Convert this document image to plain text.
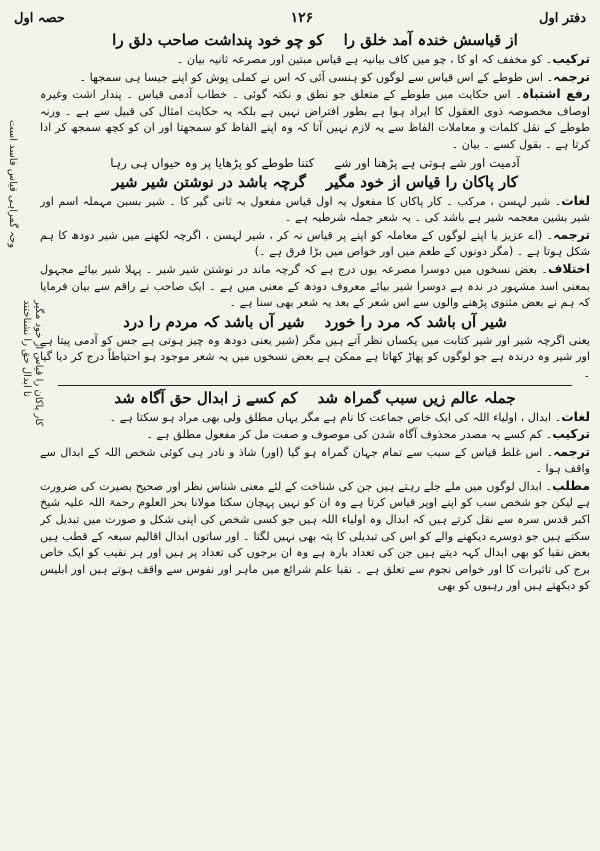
دفتر اول
۱۲۶
حصہ اول
از قیاسش خندہ آمد خلق راکو چو خود پنداشت صاحب دلق را
ترکیب۔ کو مخفف کہ او کا ، چو میں کاف بیانیہ ہے قیاس مبتین اور مصرعہ ثانیہ بیان ۔
ترجمہ۔ اس طوطے کے اس قیاس سے لوگوں کو ہنسی آئی کہ اس نے کملی پوش کو اپنے جیسا ہی سمجھا ۔
رفع اشتباہ۔ اس حکایت میں طوطے کے متعلق جو نطق و نکتہ گوئی ۔ خطاب آدمی قیاس ۔ پندار اشت وغیرہ اوصاف مخصوصہ ذوی العقول کا ایراد ہوا ہے بطور افتراض نہیں ہے بلکہ یہ حکایت امثال کی قبیل سے ہے ۔ ورنہ طوطے کے نقل کلمات و معاملات الفاظ سے یہ لازم نہیں آتا کہ وہ اپنے الفاظ کو سمجھتا اور ان کو کچھ سمجھ کر ادا کرتا ہے ۔ بقول کسے ۔ بیان ۔
آدمیت اور شے ہوتی ہے پڑھنا اور شےکتنا طوطے کو پڑھایا پر وہ حیواں ہی رہا
کار پاکان را قیاس از خود مگیرگرچہ باشد در نوشتن شیر شیر
لغات۔ شیر لہسن ، مرکب ۔ کار پاکاں کا مفعول یہ اول قیاس مفعول بہ ثانی گیر کا ۔ شیر بسبن مہملہ اسم اور شیر بشین معجمہ شیر ہے باشد کی ۔ یہ شعر جملہ شرطیہ ہے ۔
ترجمہ۔ (اے عزیز یا اپنے لوگوں کے معاملہ کو اپنے پر قیاس نہ کر ، شیر لہسن ، اگرچہ لکھنے میں شیر دودھ کا ہم شکل ہوتا ہے ۔ (مگر دونوں کے طعم میں اور خواص میں بڑا فرق ہے ۔)
اختلاف۔ بعض نسخوں میں دوسرا مصرعہ یوں درج ہے کہ گرچہ ماند در نوشتن شیر شیر ۔ پہلا شیر بیائے مجہول بمعنی اسد مشہور در ندہ ہے دوسرا شیر بیائے معروف دودھ کے معنی میں ہے ۔ ایک صاحب نے راقم سے بیان فرمایا کہ ہم نے بعض مثنوی پڑھنے والوں سے اس شعر کے بعد یہ شعر بھی سنا ہے ۔
شیر آں باشد کہ مرد را خوردشیر آں باشد کہ مردم را درد
یعنی اگرچہ شیر اور شیر کتابت میں یکساں نظر آتے ہیں مگر (شیر یعنی دودھ وہ چیز ہوتی ہے جس کو آدمی پیتا ہے اور شیر وہ درندہ ہے جو لوگوں کو پھاڑ کھاتا ہے ممکن ہے بعض نسخوں میں یہ شعر موجود ہو احتیاطاً درج کر دیا گیا ۔
جملہ عالم زیں سبب گمراہ شدکم کسے ز ابدال حق آگاہ شد
لغات۔ ابدال ، اولیاء اللہ کی ایک خاص جماعت کا نام ہے مگر یہاں مطلق ولی بھی مراد ہو سکتا ہے ۔
ترکیب۔ کم کسے یہ مصدر محذوف آگاہ شدن کی موصوف و صفت مل کر مفعول مطلق ہے ۔
ترجمہ۔ اس غلط قیاس کے سبب سے تمام جہان گمراہ ہو گیا (اور) شاذ و نادر ہی کوئی شخص اللہ کے ابدال سے واقف ہوا ۔
مطلب۔ ابدال لوگوں میں ملے جلے رہتے ہیں جن کی شناخت کے لئے معنی شناس نظر اور صحیح بصیرت کی ضرورت ہے لیکن جو شخص سب کو اپنے اوپر قیاس کرتا ہے وہ ان کو نہیں پہچان سکتا مولانا بحر العلوم رحمۃ اللہ علیہ شیخ اکبر قدس سرہ سے نقل کرتے ہیں کہ ابدال وہ اولیاء اللہ ہیں جو کسی شخص کی اپنی شکل و صورت میں تبدیل کر سکتے ہیں جو دوسرے دیکھنے والے کو اس کی تبدیلی کا پتہ بھی نہیں لگتا ۔ اور ساتوں ابدال اقالیم سبعہ کے قطب ہیں بعض نقبا کو بھی ابدال کہہ دیتے ہیں جن کی تعداد بارہ ہے وہ ان برجوں کی تعداد پر ہیں اور ہر نقیب کو ایک خاص برج کی تاثیرات کا اور خواص نجوم سے تعلق ہے ۔ نقبا علم شرائع میں ماہر اور نفوس سے واقف ہوتے ہیں اور ابلیس کو دیکھتے ہیں اور رہبوں کو بھی
وجہ گمراہی قیاس فاسد است
تا ابدال حق را نشناختند کار پاکان را قیاس از خود مگیر
